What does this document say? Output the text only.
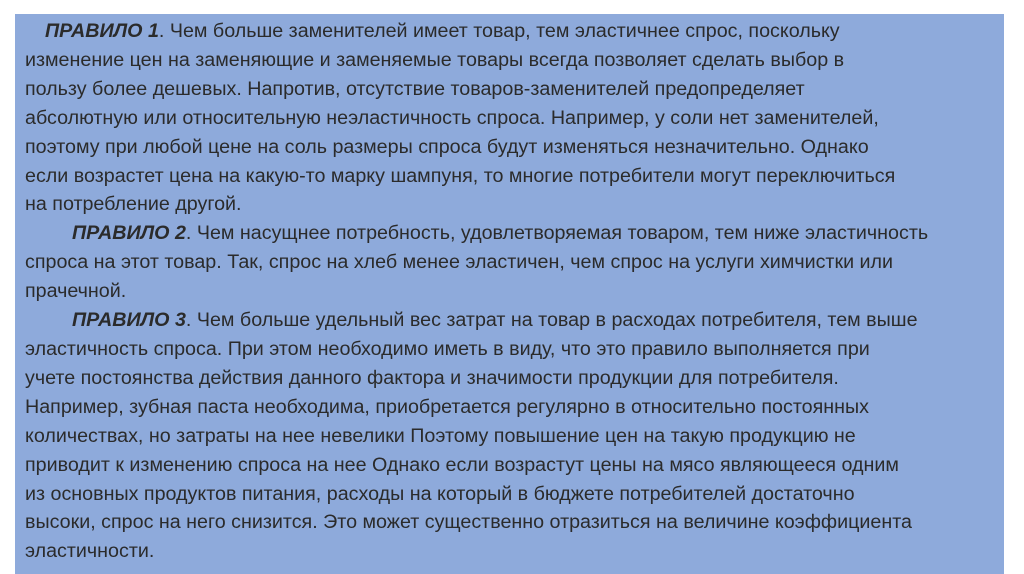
ПРАВИЛО 1. Чем больше заменителей имеет товар, тем эластичнее спрос, поскольку
изменение цен на заменяющие и заменяемые товары всегда позволяет сделать выбор в
пользу более дешевых. Напротив, отсутствие товаров-заменителей предопределяет
абсолютную или относительную неэластичность спроса. Например, у соли нет заменителей,
поэтому при любой цене на соль размеры спроса будут изменяться незначительно. Однако
если возрастет цена на какую-то марку шампуня, то многие потребители могут переключиться
на потребление другой.
ПРАВИЛО 2. Чем насущнее потребность, удовлетворяемая товаром, тем ниже эластичность
спроса на этот товар. Так, спрос на хлеб менее эластичен, чем спрос на услуги химчистки или
прачечной.
ПРАВИЛО 3. Чем больше удельный вес затрат на товар в расходах потребителя, тем выше
эластичность спроса. При этом необходимо иметь в виду, что это правило выполняется при
учете постоянства действия данного фактора и значимости продукции для потребителя.
Например, зубная паста необходима, приобретается регулярно в относительно постоянных
количествах, но затраты на нее невелики Поэтому повышение цен на такую продукцию не
приводит к изменению спроса на нее Однако если возрастут цены на мясо являющееся одним
из основных продуктов питания, расходы на который в бюджете потребителей достаточно
высоки, спрос на него снизится. Это может существенно отразиться на величине коэффициента
эластичности.
